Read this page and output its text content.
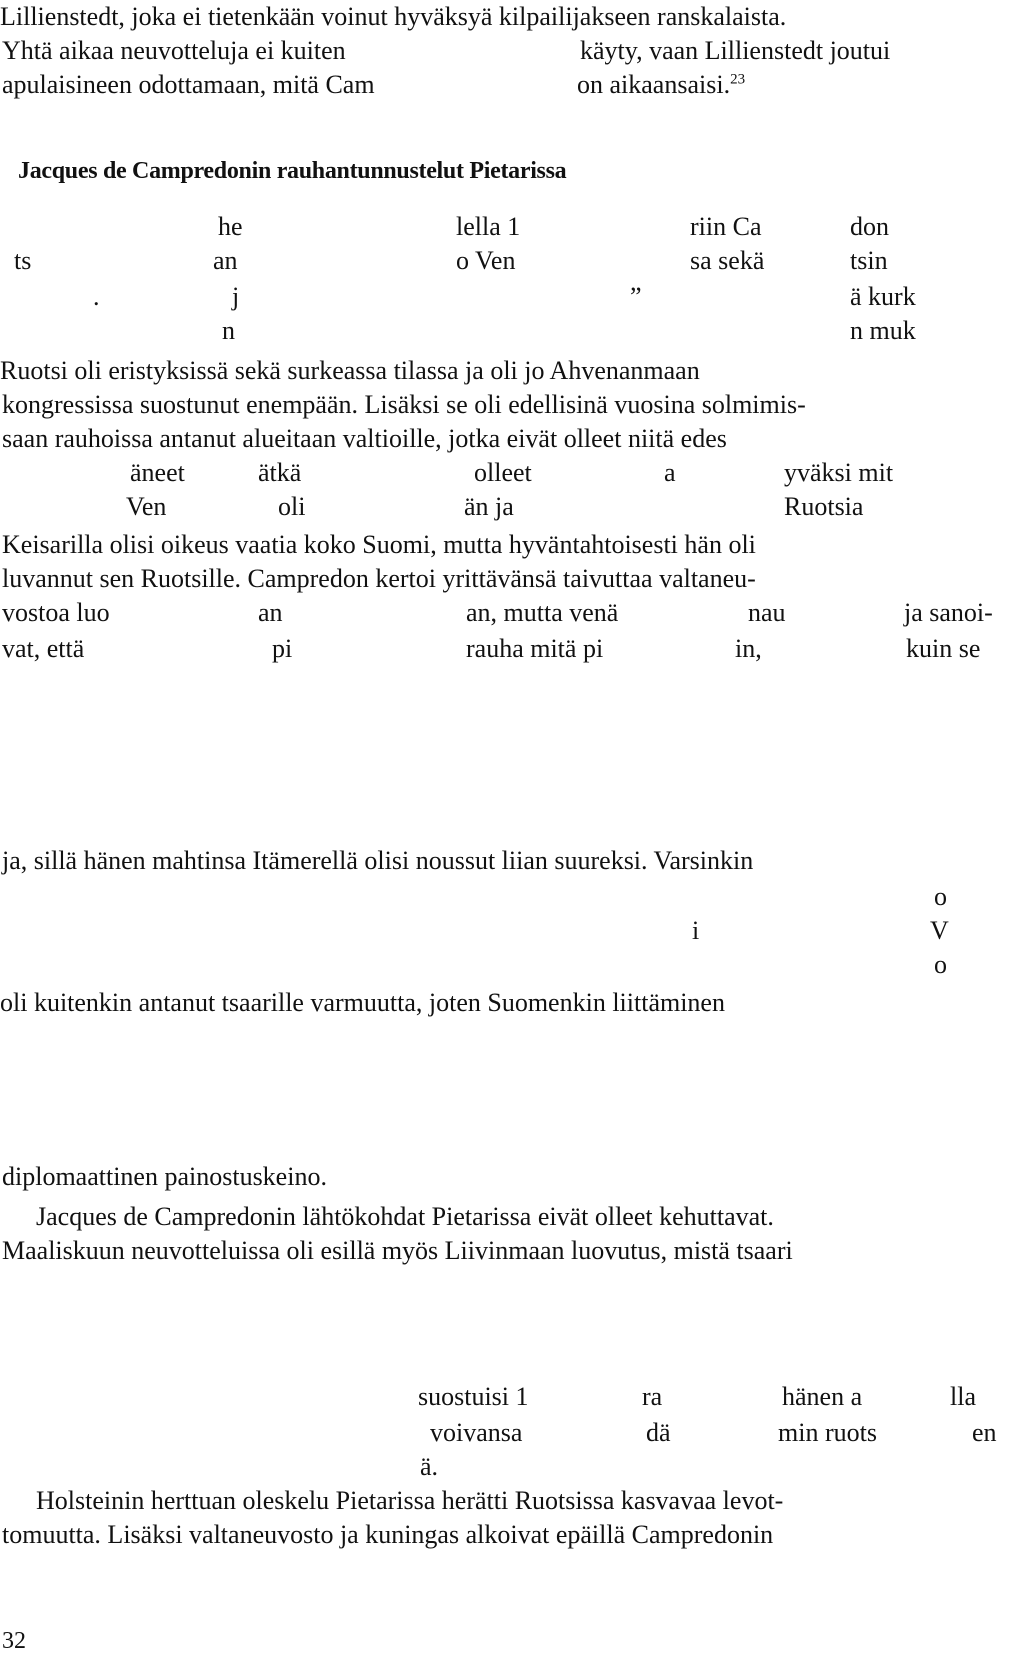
Lillienstedt, joka ei tietenkään voinut hyväksyä kilpailijakseen ranskalaista.
Yhtä aikaa neuvotteluja ei kuiten	käyty, vaan Lillienstedt joutui
apulaisineen odottamaan, mitä Cam	on aikaansaisi.$^{23}$
Jacques de Campredonin rauhantunnustelut Pietarissa
he	lella 1	riin Ca	don
ts	an	o Ven	sa sekä	tsin
.	j	”	ä kurk
n	n muk
Ruotsi oli eristyksissä sekä surkeassa tilassa ja oli jo Ahvenanmaan
kongressissa suostunut enempään. Lisäksi se oli edellisinä vuosina solmimis-
saan rauhoissa antanut alueitaan valtioille, jotka eivät olleet niitä edes
äneet	ätkä	olleet	a	yväksi mit
Ven	oli	än ja	Ruotsia
Keisarilla olisi oikeus vaatia koko Suomi, mutta hyväntahtoisesti hän oli
luvannut sen Ruotsille. Campredon kertoi yrittävänsä taivuttaa valtaneu-
vostoa luo	an	an, mutta venä	nau	ja sanoi-
vat, että	pi	rauha mitä pi	in,	kuin se
ja, sillä hänen mahtinsa Itämerellä olisi noussut liian suureksi. Varsinkin
o
i	V
o
oli kuitenkin antanut tsaarille varmuutta, joten Suomenkin liittäminen
diplomaattinen painostuskeino.
Jacques de Campredonin lähtökohdat Pietarissa eivät olleet kehuttavat.
Maaliskuun neuvotteluissa oli esillä myös Liivinmaan luovutus, mistä tsaari
suostuisi 1	ra	hänen a	lla
voivansa	dä	min ruots	en
ä.
Holsteinin herttuan oleskelu Pietarissa herätti Ruotsissa kasvavaa levot-
tomuutta. Lisäksi valtaneuvosto ja kuningas alkoivat epäillä Campredonin
32
